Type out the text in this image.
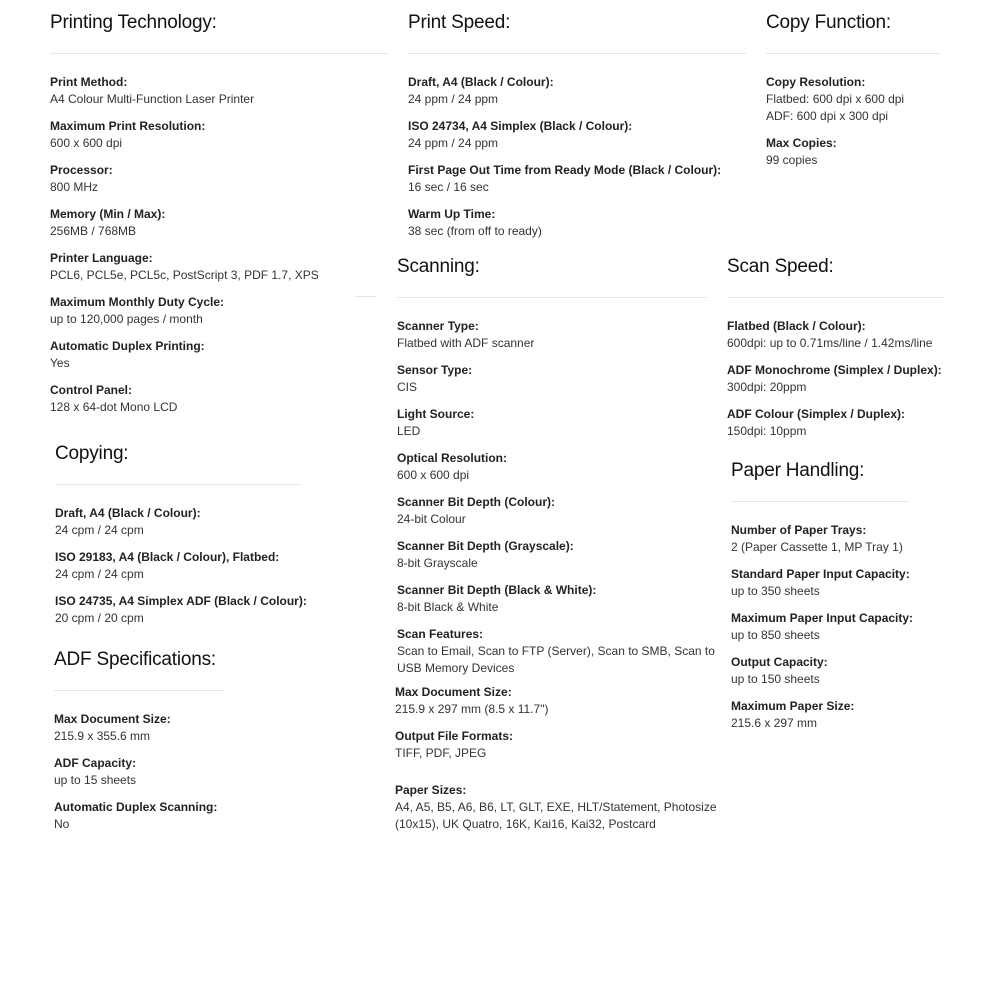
Printing Technology:
Print Method:
A4 Colour Multi-Function Laser Printer
Maximum Print Resolution:
600 x 600 dpi
Processor:
800 MHz
Memory (Min / Max):
256MB / 768MB
Printer Language:
PCL6, PCL5e, PCL5c, PostScript 3, PDF 1.7, XPS
Maximum Monthly Duty Cycle:
up to 120,000 pages / month
Automatic Duplex Printing:
Yes
Control Panel:
128 x 64-dot Mono LCD
Print Speed:
Draft, A4 (Black / Colour):
24 ppm / 24 ppm
ISO 24734, A4 Simplex (Black / Colour):
24 ppm / 24 ppm
First Page Out Time from Ready Mode (Black / Colour):
16 sec / 16 sec
Warm Up Time:
38 sec (from off to ready)
Copy Function:
Copy Resolution:
Flatbed: 600 dpi x 600 dpi
ADF: 600 dpi x 300 dpi
Max Copies:
99 copies
Copying:
Draft, A4 (Black / Colour):
24 cpm / 24 cpm
ISO 29183, A4 (Black / Colour), Flatbed:
24 cpm / 24 cpm
ISO 24735, A4 Simplex ADF (Black / Colour):
20 cpm / 20 cpm
ADF Specifications:
Max Document Size:
215.9 x 355.6 mm
ADF Capacity:
up to 15 sheets
Automatic Duplex Scanning:
No
Scanning:
Scanner Type:
Flatbed with ADF scanner
Sensor Type:
CIS
Light Source:
LED
Optical Resolution:
600 x 600 dpi
Scanner Bit Depth (Colour):
24-bit Colour
Scanner Bit Depth (Grayscale):
8-bit Grayscale
Scanner Bit Depth (Black & White):
8-bit Black & White
Scan Features:
Scan to Email, Scan to FTP (Server), Scan to SMB, Scan to USB Memory Devices
Max Document Size:
215.9 x 297 mm (8.5 x 11.7")
Output File Formats:
TIFF, PDF, JPEG
Paper Sizes:
A4, A5, B5, A6, B6, LT, GLT, EXE, HLT/Statement, Photosize (10x15), UK Quatro, 16K, Kai16, Kai32, Postcard
Scan Speed:
Flatbed (Black / Colour):
600dpi: up to 0.71ms/line / 1.42ms/line
ADF Monochrome (Simplex / Duplex):
300dpi: 20ppm
ADF Colour (Simplex / Duplex):
150dpi: 10ppm
Paper Handling:
Number of Paper Trays:
2 (Paper Cassette 1, MP Tray 1)
Standard Paper Input Capacity:
up to 350 sheets
Maximum Paper Input Capacity:
up to 850 sheets
Output Capacity:
up to 150 sheets
Maximum Paper Size:
215.6 x 297 mm
